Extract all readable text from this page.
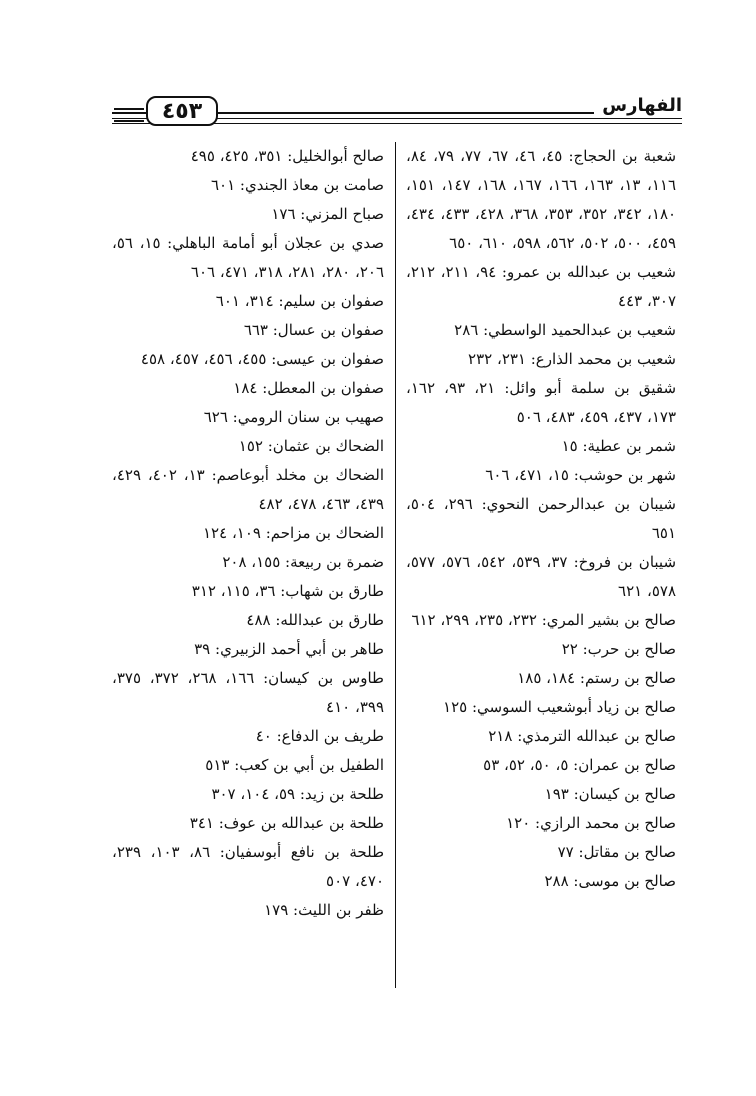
٤٥٣	الفهارس
شعبة بن الحجاج: ٤٥، ٤٦، ٦٧، ٧٧، ٧٩، ٨٤، ١١٦، ١٣، ١٦٣، ١٦٦، ١٦٧، ١٦٨، ١٤٧، ١٥١، ١٨٠، ٣٤٢، ٣٥٢، ٣٥٣، ٣٦٨، ٤٢٨، ٤٣٣، ٤٣٤، ٤٥٩، ٥٠٠، ٥٠٢، ٥٦٢، ٥٩٨، ٦١٠، ٦٥٠
شعيب بن عبدالله بن عمرو: ٩٤، ٢١١، ٢١٢، ٣٠٧، ٤٤٣
شعيب بن عبدالحميد الواسطي: ٢٨٦
شعيب بن محمد الذارع: ٢٣١، ٢٣٢
شقيق بن سلمة أبو وائل: ٢١، ٩٣، ١٦٢، ١٧٣، ٤٣٧، ٤٥٩، ٤٨٣، ٥٠٦
شمر بن عطية: ١٥
شهر بن حوشب: ١٥، ٤٧١، ٦٠٦
شيبان بن عبدالرحمن النحوي: ٢٩٦، ٥٠٤، ٦٥١
شيبان بن فروخ: ٣٧، ٥٣٩، ٥٤٢، ٥٧٦، ٥٧٧، ٥٧٨، ٦٢١
صالح بن بشير المري: ٢٣٢، ٢٣٥، ٢٩٩، ٦١٢
صالح بن حرب: ٢٢
صالح بن رستم: ١٨٤، ١٨٥
صالح بن زياد أبوشعيب السوسي: ١٢٥
صالح بن عبدالله الترمذي: ٢١٨
صالح بن عمران: ٥، ٥٠، ٥٢، ٥٣
صالح بن كيسان: ١٩٣
صالح بن محمد الرازي: ١٢٠
صالح بن مقاتل: ٧٧
صالح بن موسى: ٢٨٨
صالح أبوالخليل: ٣٥١، ٤٢٥، ٤٩٥
صامت بن معاذ الجندي: ٦٠١
صباح المزني: ١٧٦
صدي بن عجلان أبو أمامة الباهلي: ١٥، ٥٦، ٢٠٦، ٢٨٠، ٢٨١، ٣١٨، ٤٧١، ٦٠٦
صفوان بن سليم: ٣١٤، ٦٠١
صفوان بن عسال: ٦٦٣
صفوان بن عيسى: ٤٥٥، ٤٥٦، ٤٥٧، ٤٥٨
صفوان بن المعطل: ١٨٤
صهيب بن سنان الرومي: ٦٢٦
الضحاك بن عثمان: ١٥٢
الضحاك بن مخلد أبوعاصم: ١٣، ٤٠٢، ٤٢٩، ٤٣٩، ٤٦٣، ٤٧٨، ٤٨٢
الضحاك بن مزاحم: ١٠٩، ١٢٤
ضمرة بن ربيعة: ١٥٥، ٢٠٨
طارق بن شهاب: ٣٦، ١١٥، ٣١٢
طارق بن عبدالله: ٤٨٨
طاهر بن أبي أحمد الزبيري: ٣٩
طاوس بن كيسان: ١٦٦، ٢٦٨، ٣٧٢، ٣٧٥، ٣٩٩، ٤١٠
طريف بن الدفاع: ٤٠
الطفيل بن أبي بن كعب: ٥١٣
طلحة بن زيد: ٥٩، ١٠٤، ٣٠٧
طلحة بن عبدالله بن عوف: ٣٤١
طلحة بن نافع أبوسفيان: ٨٦، ١٠٣، ٢٣٩، ٤٧٠، ٥٠٧
ظفر بن الليث: ١٧٩
